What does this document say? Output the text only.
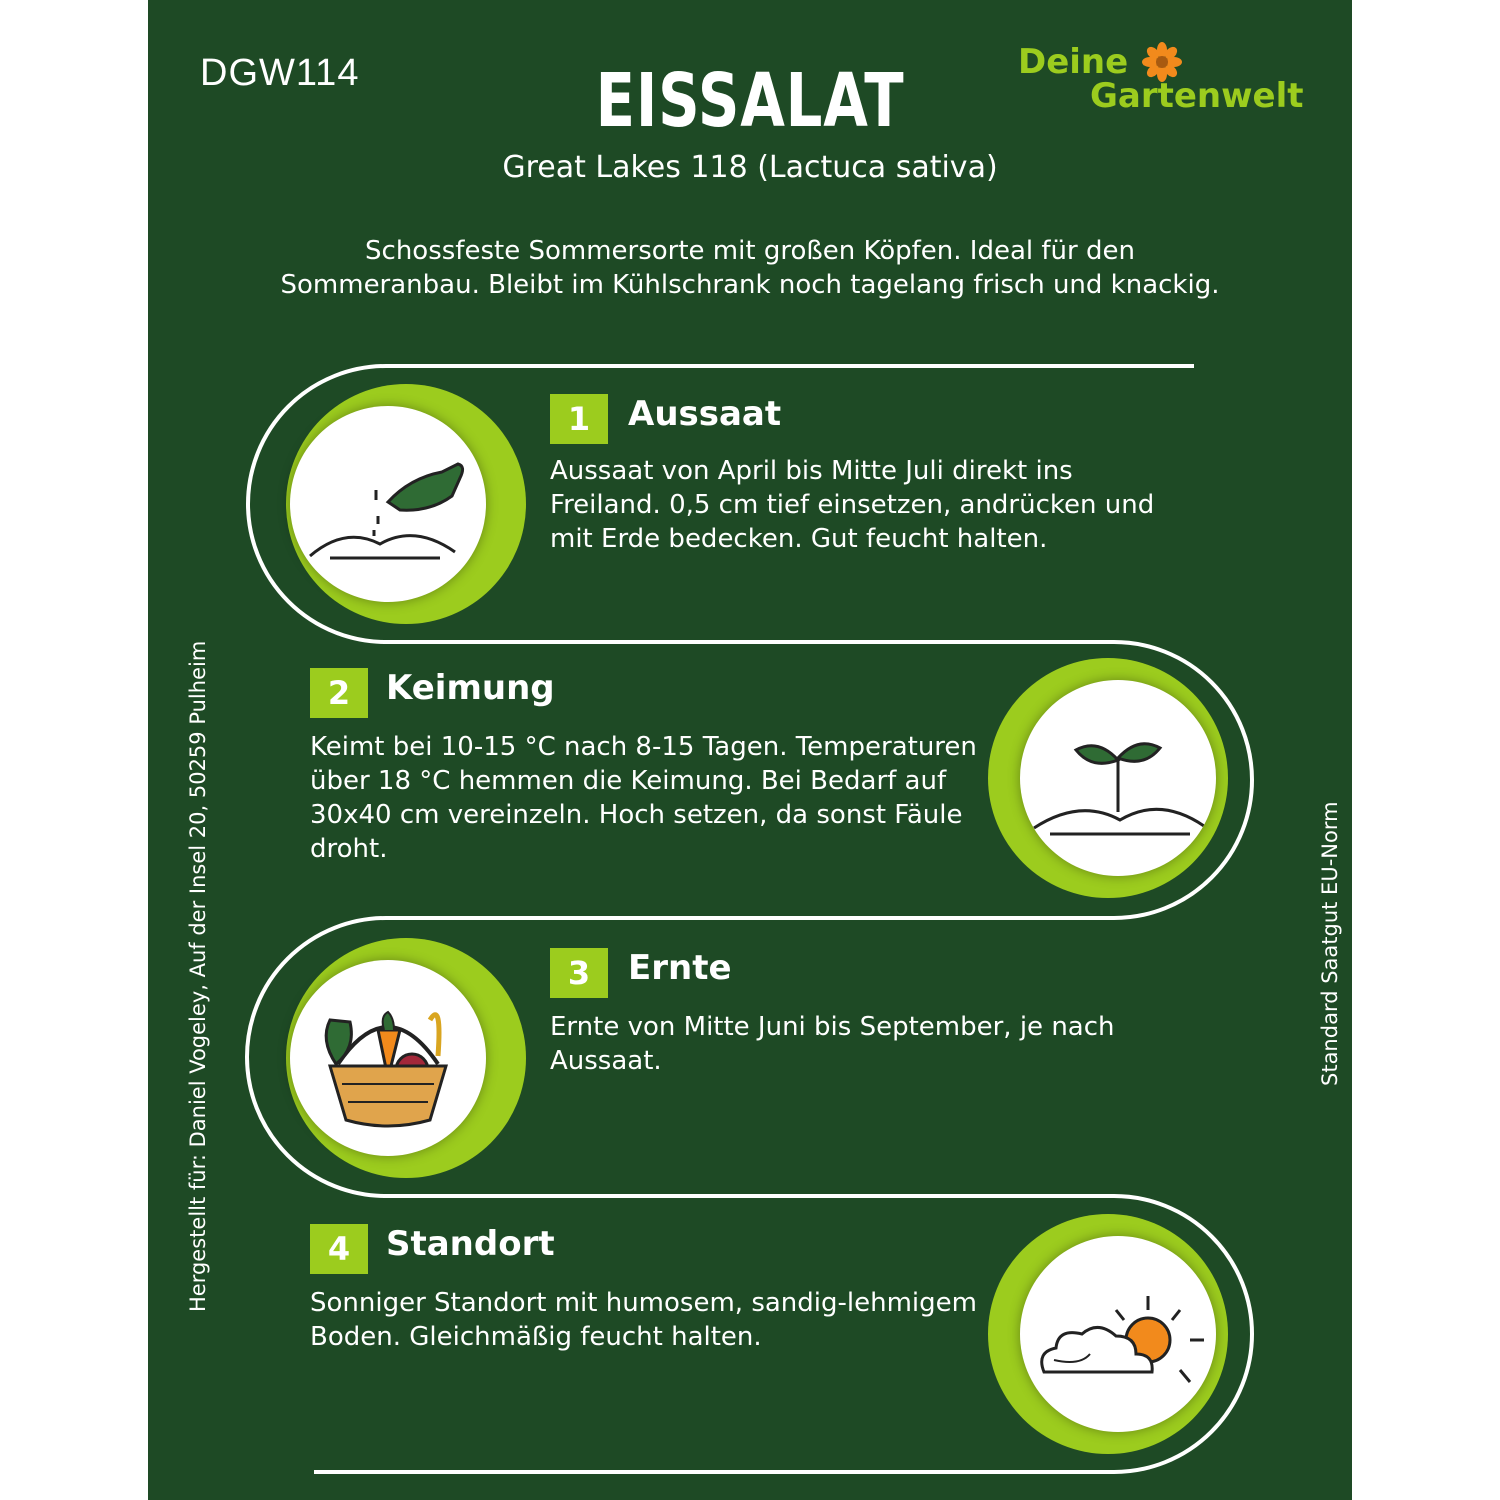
DGW114	Deine
Gartenwelt
EISSALAT
Great Lakes 118 (Lactuca sativa)
Schossfeste Sommersorte mit großen Köpfen. Ideal für den Sommeranbau. Bleibt im Kühlschrank noch tagelang frisch und knackig.
Hergestellt für: Daniel Vogeley, Auf der Insel 20, 50259 Pulheim	Standard Saatgut EU-Norm
1	Aussaat
Aussaat von April bis Mitte Juli direkt ins Freiland. 0,5 cm tief einsetzen, andrücken und mit Erde bedecken. Gut feucht halten.
2	Keimung
Keimt bei 10-15 °C nach 8-15 Tagen. Temperaturen über 18 °C hemmen die Keimung. Bei Bedarf auf 30x40 cm vereinzeln. Hoch setzen, da sonst Fäule droht.
3	Ernte
Ernte von Mitte Juni bis September, je nach Aussaat.
4	Standort
Sonniger Standort mit humosem, sandig-lehmigem Boden. Gleichmäßig feucht halten.
